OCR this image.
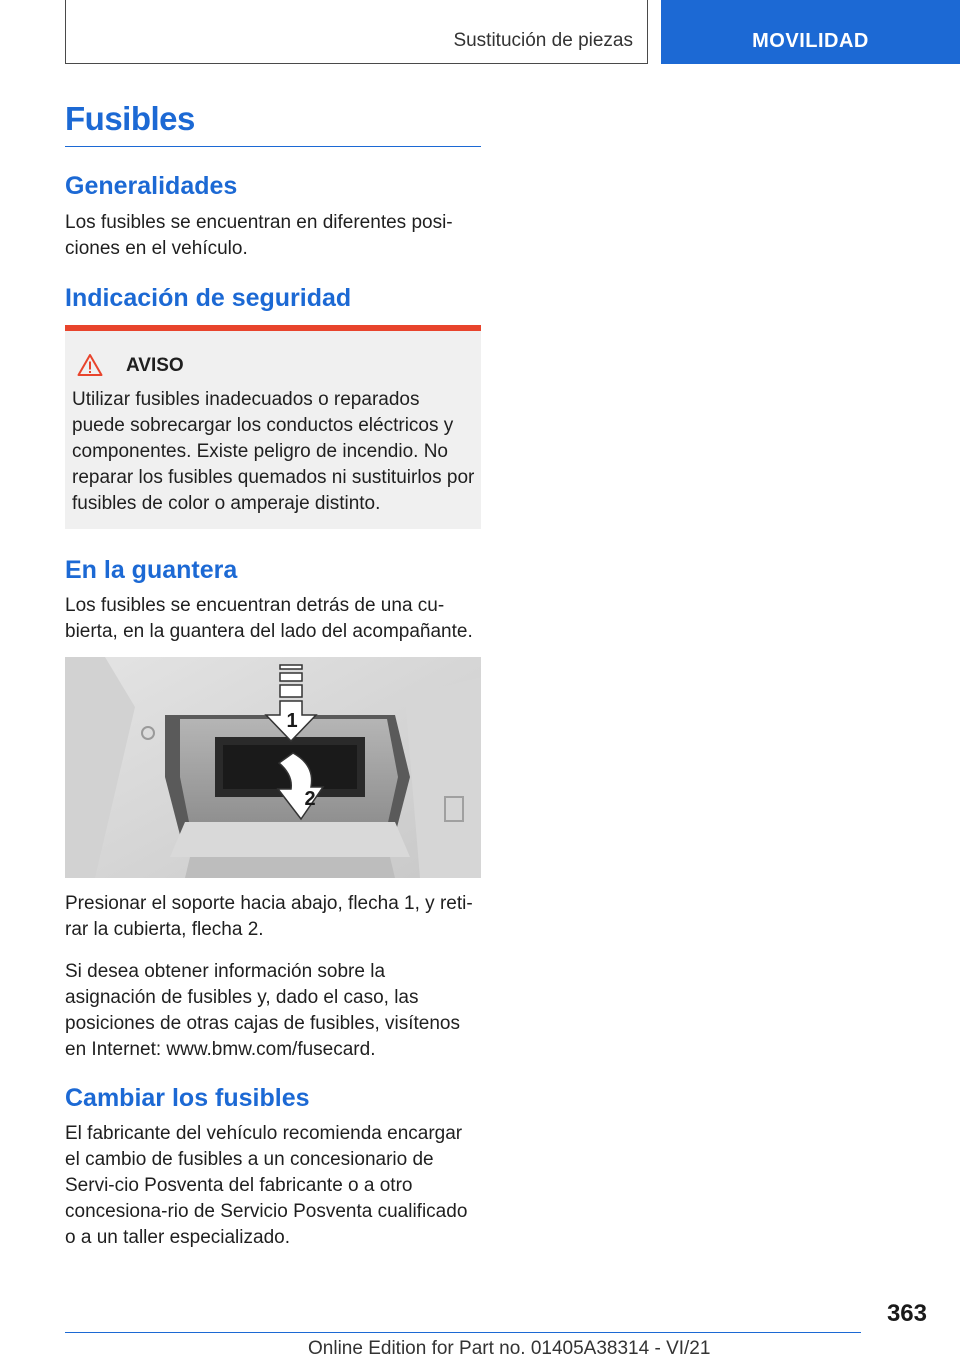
Sustitución de piezas	MOVILIDAD
Fusibles
Generalidades

Los fusibles se encuentran en diferentes posi-ciones en el vehículo.

Indicación de seguridad
AVISO

Utilizar fusibles inadecuados o reparados puede sobrecargar los conductos eléctricos y componentes. Existe peligro de incendio. No reparar los fusibles quemados ni sustituirlos por fusibles de color o amperaje distinto.

En la guantera

Los fusibles se encuentran detrás de una cu-bierta, en la guantera del lado del acompañante.

1
2

Presionar el soporte hacia abajo, flecha 1, y reti-rar la cubierta, flecha 2.

Si desea obtener información sobre la asignación de fusibles y, dado el caso, las posiciones de otras cajas de fusibles, visítenos en Internet: www.bmw.com/fusecard.

Cambiar los fusibles

El fabricante del vehículo recomienda encargar el cambio de fusibles a un concesionario de Servi-cio Posventa del fabricante o a otro concesiona-rio de Servicio Posventa cualificado o a un taller especializado.

363
Online Edition for Part no. 01405A38314 - VI/21
